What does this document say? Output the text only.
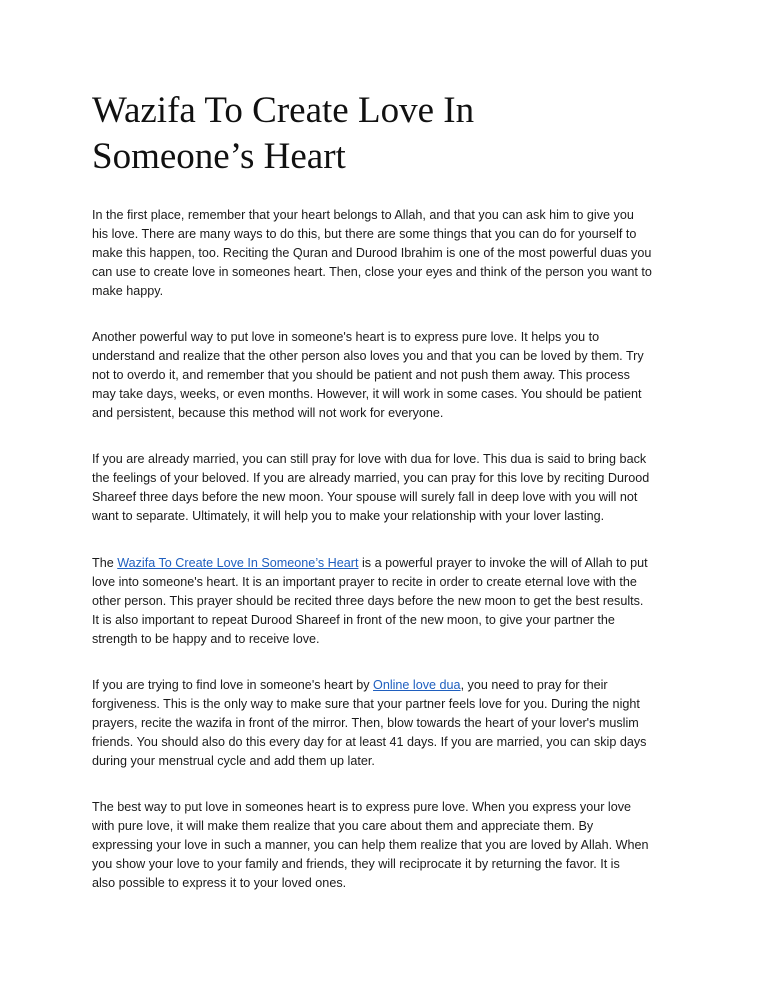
Wazifa To Create Love In
Someone’s Heart

In the first place, remember that your heart belongs to Allah, and that you can ask him to give you
his love. There are many ways to do this, but there are some things that you can do for yourself to
make this happen, too. Reciting the Quran and Durood Ibrahim is one of the most powerful duas you
can use to create love in someones heart. Then, close your eyes and think of the person you want to
make happy.

Another powerful way to put love in someone's heart is to express pure love. It helps you to
understand and realize that the other person also loves you and that you can be loved by them. Try
not to overdo it, and remember that you should be patient and not push them away. This process
may take days, weeks, or even months. However, it will work in some cases. You should be patient
and persistent, because this method will not work for everyone.

If you are already married, you can still pray for love with dua for love. This dua is said to bring back
the feelings of your beloved. If you are already married, you can pray for this love by reciting Durood
Shareef three days before the new moon. Your spouse will surely fall in deep love with you will not
want to separate. Ultimately, it will help you to make your relationship with your lover lasting.

The Wazifa To Create Love In Someone’s Heart is a powerful prayer to invoke the will of Allah to put
love into someone's heart. It is an important prayer to recite in order to create eternal love with the
other person. This prayer should be recited three days before the new moon to get the best results.
It is also important to repeat Durood Shareef in front of the new moon, to give your partner the
strength to be happy and to receive love.

If you are trying to find love in someone's heart by Online love dua, you need to pray for their
forgiveness. This is the only way to make sure that your partner feels love for you. During the night
prayers, recite the wazifa in front of the mirror. Then, blow towards the heart of your lover's muslim
friends. You should also do this every day for at least 41 days. If you are married, you can skip days
during your menstrual cycle and add them up later.

The best way to put love in someones heart is to express pure love. When you express your love
with pure love, it will make them realize that you care about them and appreciate them. By
expressing your love in such a manner, you can help them realize that you are loved by Allah. When
you show your love to your family and friends, they will reciprocate it by returning the favor. It is
also possible to express it to your loved ones.
